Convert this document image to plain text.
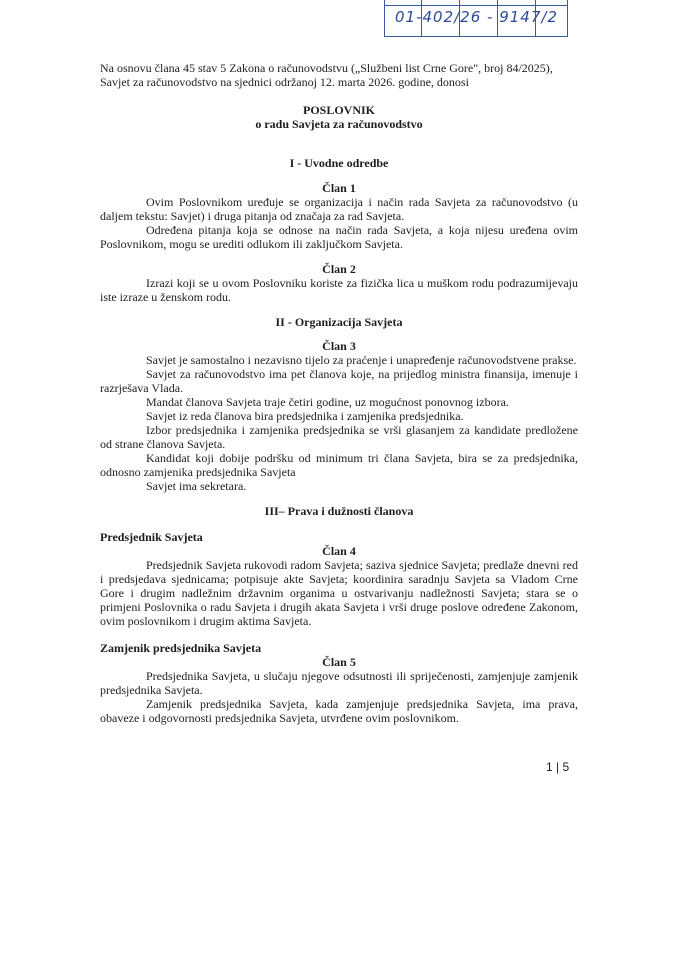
01-402/26 - 9147/2

Na osnovu člana 45 stav 5 Zakona o računovodstvu („Službeni list Crne Gore", broj 84/2025), Savjet za računovodstvo na sjednici održanoj 12. marta 2026. godine, donosi

POSLOVNIK
o radu Savjeta za računovodstvo
I - Uvodne odredbe
Član 1

Ovim Poslovnikom uređuje se organizacija i način rada Savjeta za računovodstvo (u daljem tekstu: Savjet) i druga pitanja od značaja za rad Savjeta.

Određena pitanja koja se odnose na način rada Savjeta, a koja nijesu uređena ovim Poslovnikom, mogu se urediti odlukom ili zaključkom Savjeta.

Član 2

Izrazi koji se u ovom Poslovniku koriste za fizička lica u muškom rodu podrazumijevaju iste izraze u ženskom rodu.

II - Organizacija Savjeta
Član 3

Savjet je samostalno i nezavisno tijelo za praćenje i unapređenje računovodstvene prakse.

Savjet za računovodstvo ima pet članova koje, na prijedlog ministra finansija, imenuje i razrješava Vlada.

Mandat članova Savjeta traje četiri godine, uz mogućnost ponovnog izbora.

Savjet iz reda članova bira predsjednika i zamjenika predsjednika.

Izbor predsjednika i zamjenika predsjednika se vrši glasanjem za kandidate predložene od strane članova Savjeta.

Kandidat koji dobije podršku od minimum tri člana Savjeta, bira se za predsjednika, odnosno zamjenika predsjednika Savjeta

Savjet ima sekretara.

III– Prava i dužnosti članova
Predsjednik Savjeta
Član 4

Predsjednik Savjeta rukovodi radom Savjeta; saziva sjednice Savjeta; predlaže dnevni red i predsjedava sjednicama; potpisuje akte Savjeta; koordinira saradnju Savjeta sa Vladom Crne Gore i drugim nadležnim državnim organima u ostvarivanju nadležnosti Savjeta; stara se o primjeni Poslovnika o radu Savjeta i drugih akata Savjeta i vrši druge poslove određene Zakonom, ovim poslovnikom i drugim aktima Savjeta.

Zamjenik predsjednika Savjeta
Član 5

Predsjednika Savjeta, u slučaju njegove odsutnosti ili spriječenosti, zamjenjuje zamjenik predsjednika Savjeta.

Zamjenik predsjednika Savjeta, kada zamjenjuje predsjednika Savjeta, ima prava, obaveze i odgovornosti predsjednika Savjeta, utvrđene ovim poslovnikom.

1 | 5
